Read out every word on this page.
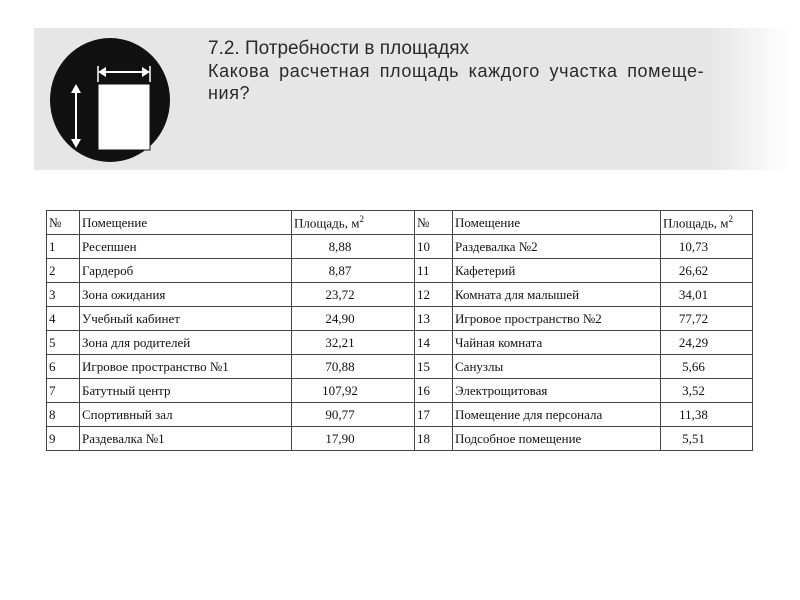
7.2. Потребности в площадях
Какова расчетная площадь каждого участка помеще-
ния?
№	Помещение	Площадь, $м^2$	№	Помещение	Площадь, $м^2$
1	Ресепшен	8,88	10	Раздевалка №2	10,73
2	Гардероб	8,87	11	Кафетерий	26,62
3	Зона ожидания	23,72	12	Комната для малышей	34,01
4	Учебный кабинет	24,90	13	Игровое пространство №2	77,72
5	Зона для родителей	32,21	14	Чайная комната	24,29
6	Игровое пространство №1	70,88	15	Санузлы	5,66
7	Батутный центр	107,92	16	Электрощитовая	3,52
8	Спортивный зал	90,77	17	Помещение для персонала	11,38
9	Раздевалка №1	17,90	18	Подсобное помещение	5,51
